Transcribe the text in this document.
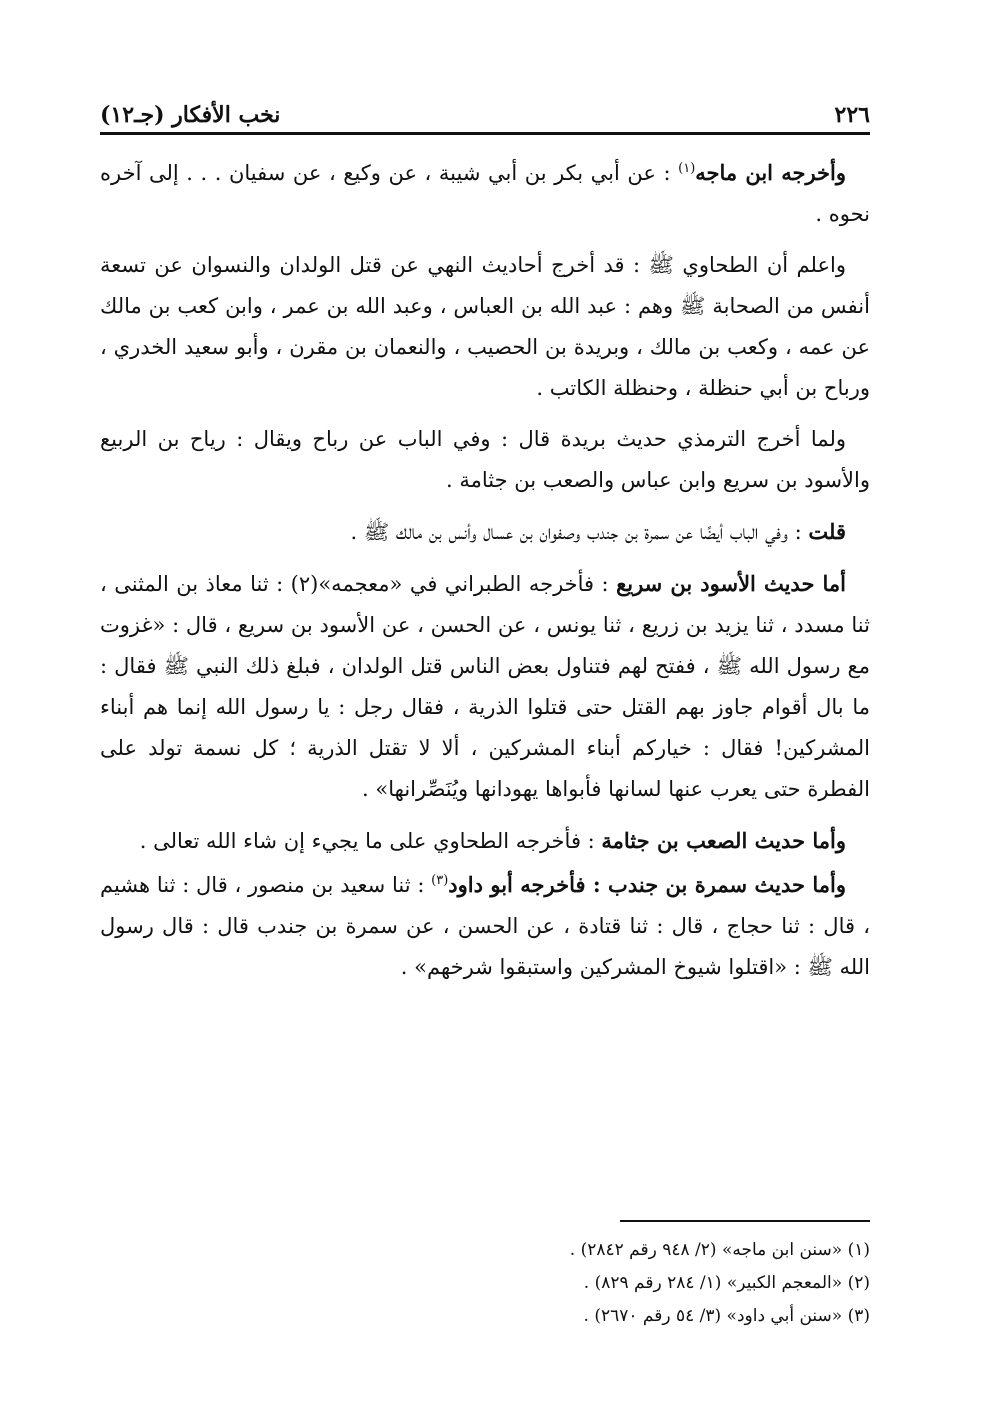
٢٢٦
نخب الأفكار (جـ١٢)

وأخرجه ابن ماجه$^{(١)}$ : عن أبي بكر بن أبي شيبة ، عن وكيع ، عن سفيان . . . إلى آخره نحوه .

واعلم أن الطحاوي ﷺ : قد أخرج أحاديث النهي عن قتل الولدان والنسوان عن تسعة أنفس من الصحابة ﷺ وهم : عبد الله بن العباس ، وعبد الله بن عمر ، وابن كعب بن مالك عن عمه ، وكعب بن مالك ، وبريدة بن الحصيب ، والنعمان بن مقرن ، وأبو سعيد الخدري ، ورباح بن أبي حنظلة ، وحنظلة الكاتب .

ولما أخرج الترمذي حديث بريدة قال : وفي الباب عن رباح ويقال : رياح بن الربيع والأسود بن سريع وابن عباس والصعب بن جثامة .

قلت : وفي الباب أيضًا عن سمرة بن جندب وصفوان بن عسال وأنس بن مالك ﷺ .

أما حديث الأسود بن سريع : فأخرجه الطبراني في «معجمه»(٢) : ثنا معاذ بن المثنى ، ثنا مسدد ، ثنا يزيد بن زريع ، ثنا يونس ، عن الحسن ، عن الأسود بن سريع ، قال : «غزوت مع رسول الله ﷺ ، ففتح لهم فتناول بعض الناس قتل الولدان ، فبلغ ذلك النبي ﷺ فقال : ما بال أقوام جاوز بهم القتل حتى قتلوا الذرية ، فقال رجل : يا رسول الله إنما هم أبناء المشركين! فقال : خياركم أبناء المشركين ، ألا لا تقتل الذرية ؛ كل نسمة تولد على الفطرة حتى يعرب عنها لسانها فأبواها يهودانها ويُنَصِّرانها» .

وأما حديث الصعب بن جثامة : فأخرجه الطحاوي على ما يجيء إن شاء الله تعالى .

وأما حديث سمرة بن جندب : فأخرجه أبو داود$^{(٣)}$ : ثنا سعيد بن منصور ، قال : ثنا هشيم ، قال : ثنا حجاج ، قال : ثنا قتادة ، عن الحسن ، عن سمرة بن جندب قال : قال رسول الله ﷺ : «اقتلوا شيوخ المشركين واستبقوا شرخهم» .

(١) «سنن ابن ماجه» (٢/ ٩٤٨ رقم ٢٨٤٢) .
(٢) «المعجم الكبير» (١/ ٢٨٤ رقم ٨٢٩) .
(٣) «سنن أبي داود» (٣/ ٥٤ رقم ٢٦٧٠) .
